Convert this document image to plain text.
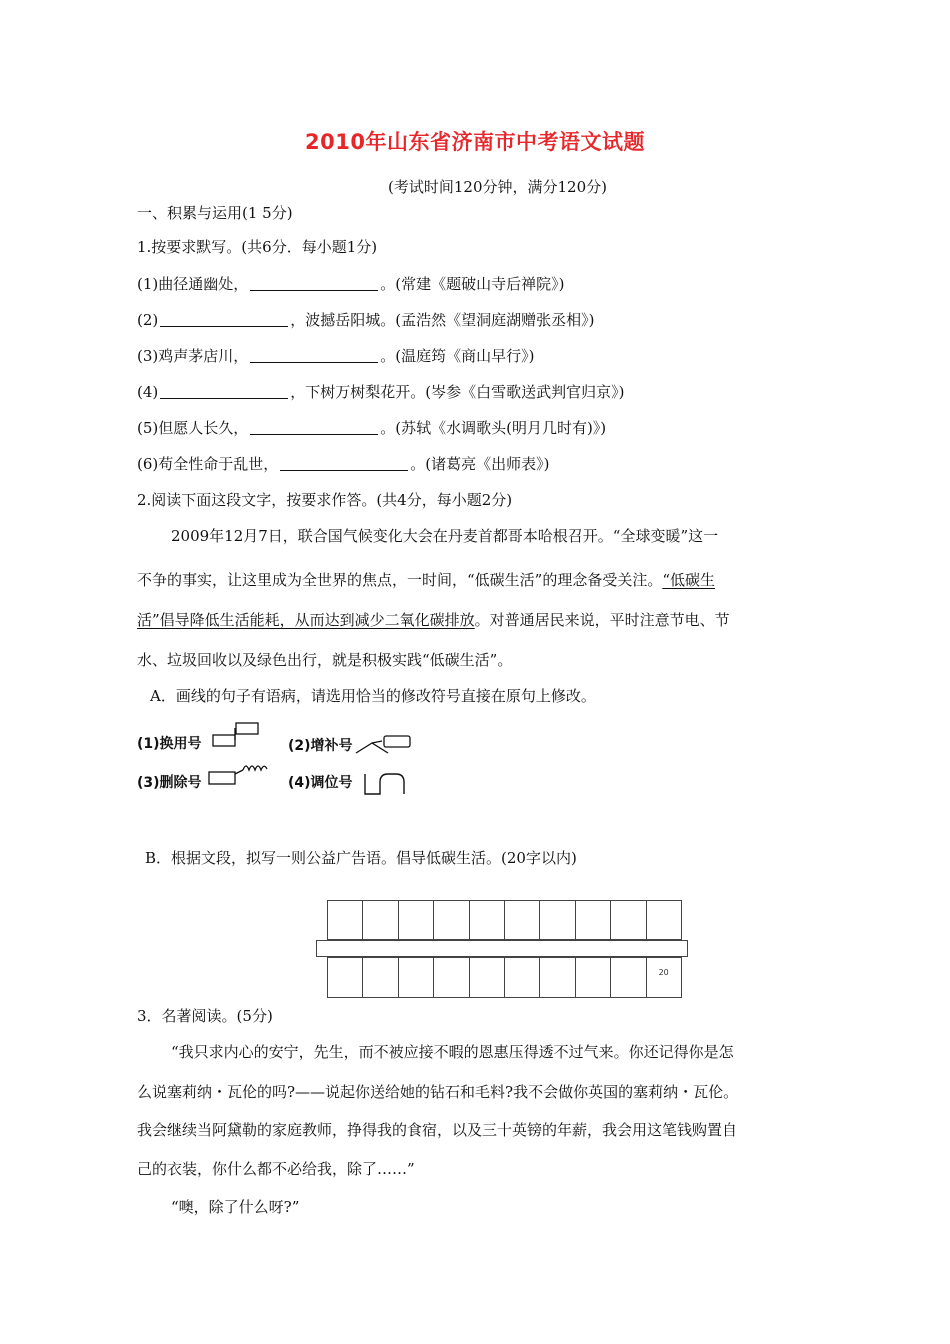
2010年山东省济南市中考语文试题
(考试时间120分钟，满分120分)
一、积累与运用(1 5分)
1.按要求默写。(共6分．每小题1分)
(1)曲径通幽处，	。(常建《题破山寺后禅院》)
(2)	，波撼岳阳城。(孟浩然《望洞庭湖赠张丞相》)
(3)鸡声茅店川，	。(温庭筠《商山早行》)
(4)	，下树万树梨花开。(岑参《白雪歌送武判官归京》)
(5)但愿人长久，	。(苏轼《水调歌头(明月几时有)》)
(6)苟全性命于乱世，	。(诸葛亮《出师表》)
2.阅读下面这段文字，按要求作答。(共4分，每小题2分)
2009年12月7日，联合国气候变化大会在丹麦首都哥本哈根召开。“全球变暖”这一
不争的事实，让这里成为全世界的焦点，一时间，“低碳生活”的理念备受关注。“低碳生
活”倡导降低生活能耗，从而达到减少二氧化碳排放。对普通居民来说，平时注意节电、节
水、垃圾回收以及绿色出行，就是积极实践“低碳生活”。
A．画线的句子有语病，请选用恰当的修改符号直接在原句上修改。
(1)换用号	(2)增补号
(3)删除号	(4)调位号
B．根据文段，拟写一则公益广告语。倡导低碳生活。(20字以内)
20
3．名著阅读。(5分)
“我只求内心的安宁，先生，而不被应接不暇的恩惠压得透不过气来。你还记得你是怎
么说塞莉纳・瓦伦的吗?——说起你送给她的钻石和毛料?我不会做你英国的塞莉纳・瓦伦。
我会继续当阿黛勒的家庭教师，挣得我的食宿，以及三十英镑的年薪，我会用这笔钱购置自
己的衣装，你什么都不必给我，除了……”
“噢，除了什么呀?”
